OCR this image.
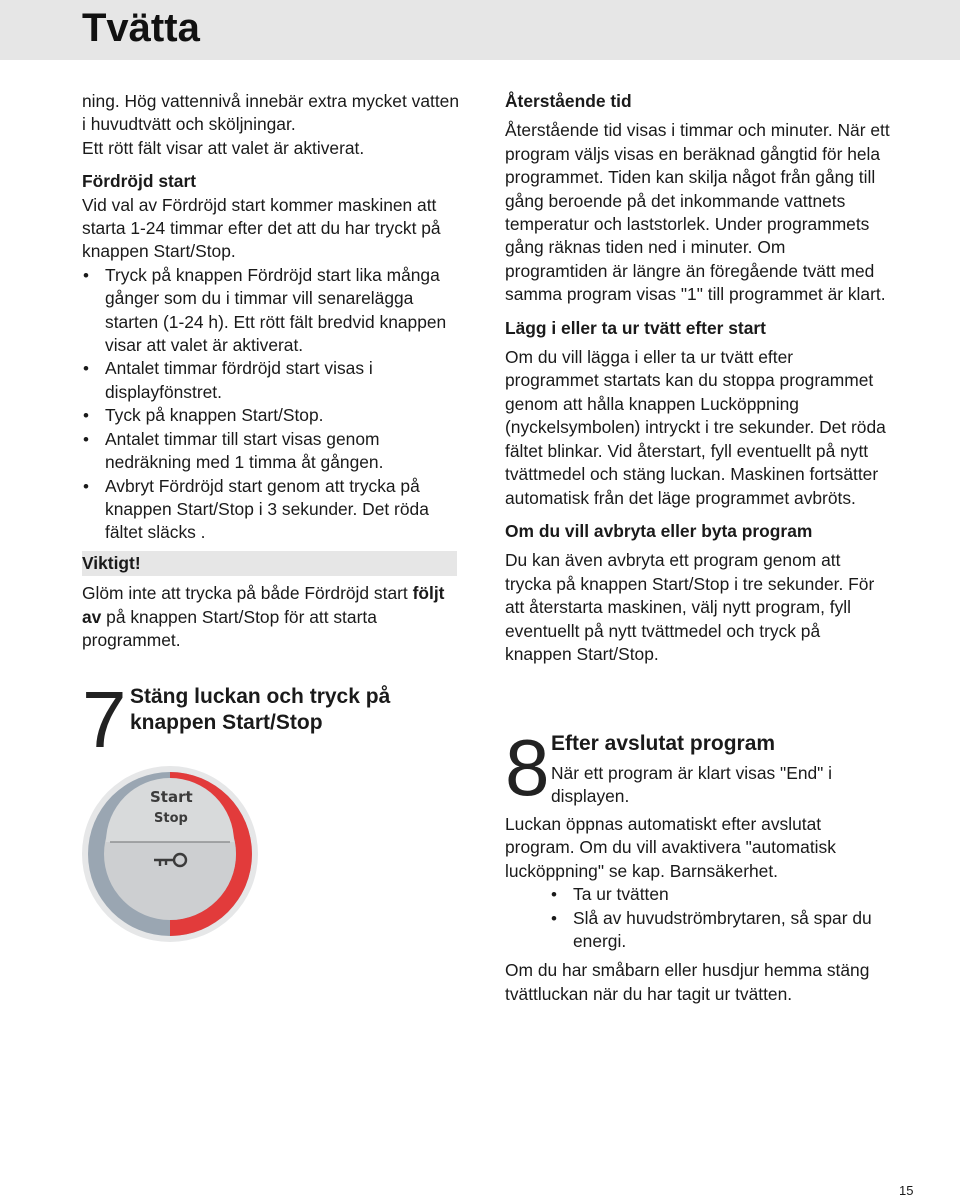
Tvätta

ning. Hög vattennivå innebär extra mycket vatten i huvudtvätt och sköljningar.

Ett rött fält visar att valet är aktiverat.

Fördröjd start

Vid val av Fördröjd start kommer maskinen att starta 1-24 timmar efter det att du har tryckt på knappen Start/Stop.

• Tryck på knappen Fördröjd start lika många gånger som du i timmar vill senarelägga starten (1-24 h). Ett rött fält bredvid knappen visar att valet är aktiverat.
• Antalet timmar fördröjd start visas i displayfönstret.
• Tyck på knappen Start/Stop.
• Antalet timmar till start visas genom nedräkning med 1 timma åt gången.
• Avbryt Fördröjd start genom att trycka på knappen Start/Stop i 3 sekunder. Det röda fältet släcks .
Viktigt!

Glöm inte att trycka på både Fördröjd start följt av på knappen Start/Stop för att starta programmet.

7 Stäng luckan och tryck på knappen Start/Stop
Start
Stop

Återstående tid

Återstående tid visas i timmar och minuter. När ett program väljs visas en beräknad gångtid för hela programmet. Tiden kan skilja något från gång till gång beroende på det inkommande vattnets temperatur och laststorlek. Under programmets gång räknas tiden ned i minuter. Om programtiden är längre än föregående tvätt med samma program visas "1" till programmet är klart.

Lägg i eller ta ur tvätt efter start

Om du vill lägga i eller ta ur tvätt efter programmet startats kan du stoppa programmet genom att hålla knappen Lucköppning (nyckelsymbolen) intryckt i tre sekunder. Det röda fältet blinkar. Vid återstart, fyll eventuellt på nytt tvättmedel och stäng luckan. Maskinen fortsätter automatisk från det läge programmet avbröts.

Om du vill avbryta eller byta program

Du kan även avbryta ett program genom att trycka på knappen Start/Stop i tre sekunder. För att återstarta maskinen, välj nytt program, fyll eventuellt på nytt tvättmedel och tryck på knappen Start/Stop.

8 Efter avslutat program
När ett program är klart visas "End" i displayen.

Luckan öppnas automatiskt efter avslutat program. Om du vill avaktivera "automatisk lucköppning" se kap. Barnsäkerhet.

• Ta ur tvätten
• Slå av huvudströmbrytaren, så spar du energi.

Om du har småbarn eller husdjur hemma stäng tvättluckan när du har tagit ur tvätten.

15
